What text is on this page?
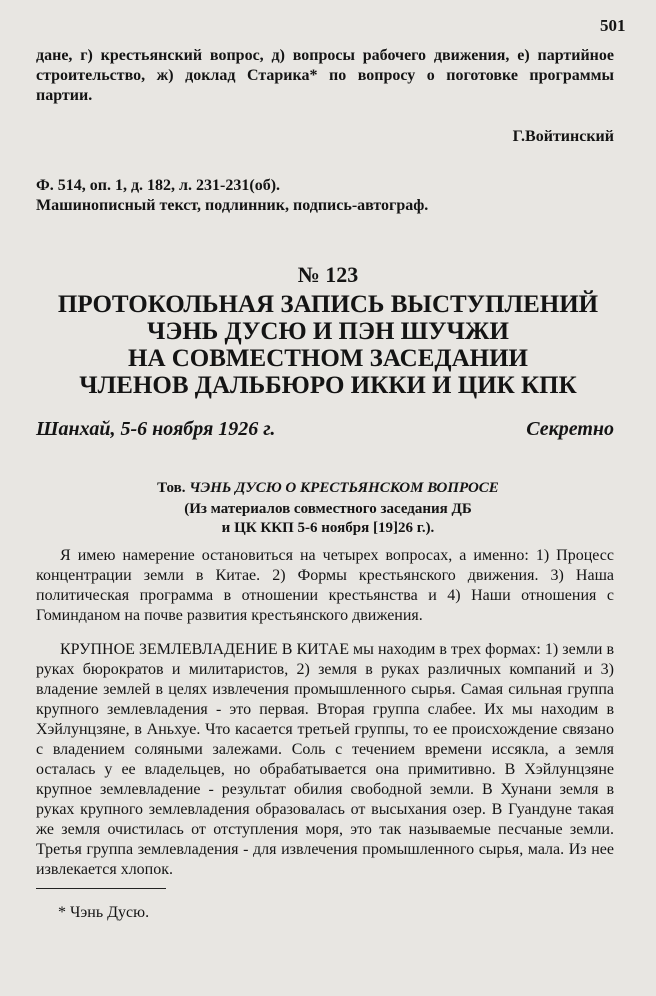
501

дане, г) крестьянский вопрос, д) вопросы рабочего движения, е) партийное строительство, ж) доклад Старика* по вопросу о поготовке программы партии.

Г.Войтинский

Ф. 514, оп. 1, д. 182, л. 231-231(об).

Машинописный текст, подлинник, подпись-автограф.

№ 123
ПРОТОКОЛЬНАЯ ЗАПИСЬ ВЫСТУПЛЕНИЙ
ЧЭНЬ ДУСЮ И ПЭН ШУЧЖИ
НА СОВМЕСТНОМ ЗАСЕДАНИИ
ЧЛЕНОВ ДАЛЬБЮРО ИККИ И ЦИК КПК
Шанхай, 5-6 ноября 1926 г.	Секретно
Тов. ЧЭНЬ ДУСЮ О КРЕСТЬЯНСКОМ ВОПРОСЕ
(Из материалов совместного заседания ДБ
и ЦК ККП 5-6 ноября [19]26 г.).

Я имею намерение остановиться на четырех вопросах, а именно: 1) Процесс концентрации земли в Китае. 2) Формы крестьянского движения. 3) Наша политическая программа в отношении крестьянства и 4) Наши отношения с Гоминданом на почве развития крестьянского движения.

КРУПНОЕ ЗЕМЛЕВЛАДЕНИЕ В КИТАЕ мы находим в трех формах: 1) земли в руках бюрократов и милитаристов, 2) земля в руках различных компаний и 3) владение землей в целях извлечения промышленного сырья. Самая сильная группа крупного землевладения - это первая. Вторая группа слабее. Их мы находим в Хэйлунцзяне, в Аньхуе. Что касается третьей группы, то ее происхождение связано с владением соляными залежами. Соль с течением времени иссякла, а земля осталась у ее владельцев, но обрабатывается она примитивно. В Хэйлунцзяне крупное землевладение - результат обилия свободной земли. В Хунани земля в руках крупного землевладения образовалась от высыхания озер. В Гуандуне такая же земля очистилась от отступления моря, это так называемые песчаные земли. Третья группа землевладения - для извлечения промышленного сырья, мала. Из нее извлекается хлопок.

* Чэнь Дусю.
